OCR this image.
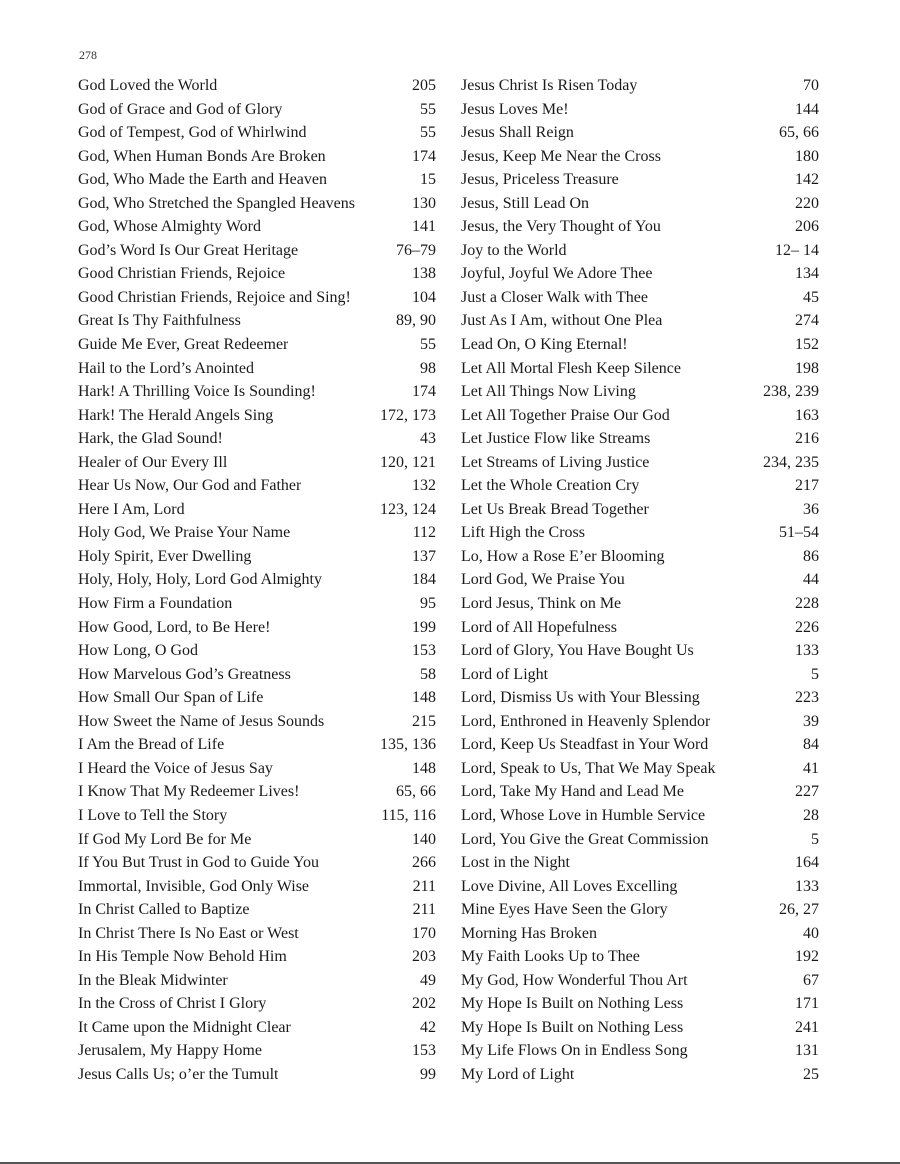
278
God Loved the World	205
God of Grace and God of Glory	55
God of Tempest, God of Whirlwind	55
God, When Human Bonds Are Broken	174
God, Who Made the Earth and Heaven	15
God, Who Stretched the Spangled Heavens	130
God, Whose Almighty Word	141
God’s Word Is Our Great Heritage	76–79
Good Christian Friends, Rejoice	138
Good Christian Friends, Rejoice and Sing!	104
Great Is Thy Faithfulness	89, 90
Guide Me Ever, Great Redeemer	55
Hail to the Lord’s Anointed	98
Hark! A Thrilling Voice Is Sounding!	174
Hark! The Herald Angels Sing	172, 173
Hark, the Glad Sound!	43
Healer of Our Every Ill	120, 121
Hear Us Now, Our God and Father	132
Here I Am, Lord	123, 124
Holy God, We Praise Your Name	112
Holy Spirit, Ever Dwelling	137
Holy, Holy, Holy, Lord God Almighty	184
How Firm a Foundation	95
How Good, Lord, to Be Here!	199
How Long, O God	153
How Marvelous God’s Greatness	58
How Small Our Span of Life	148
How Sweet the Name of Jesus Sounds	215
I Am the Bread of Life	135, 136
I Heard the Voice of Jesus Say	148
I Know That My Redeemer Lives!	65, 66
I Love to Tell the Story	115, 116
If God My Lord Be for Me	140
If You But Trust in God to Guide You	266
Immortal, Invisible, God Only Wise	211
In Christ Called to Baptize	211
In Christ There Is No East or West	170
In His Temple Now Behold Him	203
In the Bleak Midwinter	49
In the Cross of Christ I Glory	202
It Came upon the Midnight Clear	42
Jerusalem, My Happy Home	153
Jesus Calls Us; o’er the Tumult	99
Jesus Christ Is Risen Today	70
Jesus Loves Me!	144
Jesus Shall Reign	65, 66
Jesus, Keep Me Near the Cross	180
Jesus, Priceless Treasure	142
Jesus, Still Lead On	220
Jesus, the Very Thought of You	206
Joy to the World	12– 14
Joyful, Joyful We Adore Thee	134
Just a Closer Walk with Thee	45
Just As I Am, without One Plea	274
Lead On, O King Eternal!	152
Let All Mortal Flesh Keep Silence	198
Let All Things Now Living	238, 239
Let All Together Praise Our God	163
Let Justice Flow like Streams	216
Let Streams of Living Justice	234, 235
Let the Whole Creation Cry	217
Let Us Break Bread Together	36
Lift High the Cross	51–54
Lo, How a Rose E’er Blooming	86
Lord God, We Praise You	44
Lord Jesus, Think on Me	228
Lord of All Hopefulness	226
Lord of Glory, You Have Bought Us	133
Lord of Light	5
Lord, Dismiss Us with Your Blessing	223
Lord, Enthroned in Heavenly Splendor	39
Lord, Keep Us Steadfast in Your Word	84
Lord, Speak to Us, That We May Speak	41
Lord, Take My Hand and Lead Me	227
Lord, Whose Love in Humble Service	28
Lord, You Give the Great Commission	5
Lost in the Night	164
Love Divine, All Loves Excelling	133
Mine Eyes Have Seen the Glory	26, 27
Morning Has Broken	40
My Faith Looks Up to Thee	192
My God, How Wonderful Thou Art	67
My Hope Is Built on Nothing Less	171
My Hope Is Built on Nothing Less	241
My Life Flows On in Endless Song	131
My Lord of Light	25
